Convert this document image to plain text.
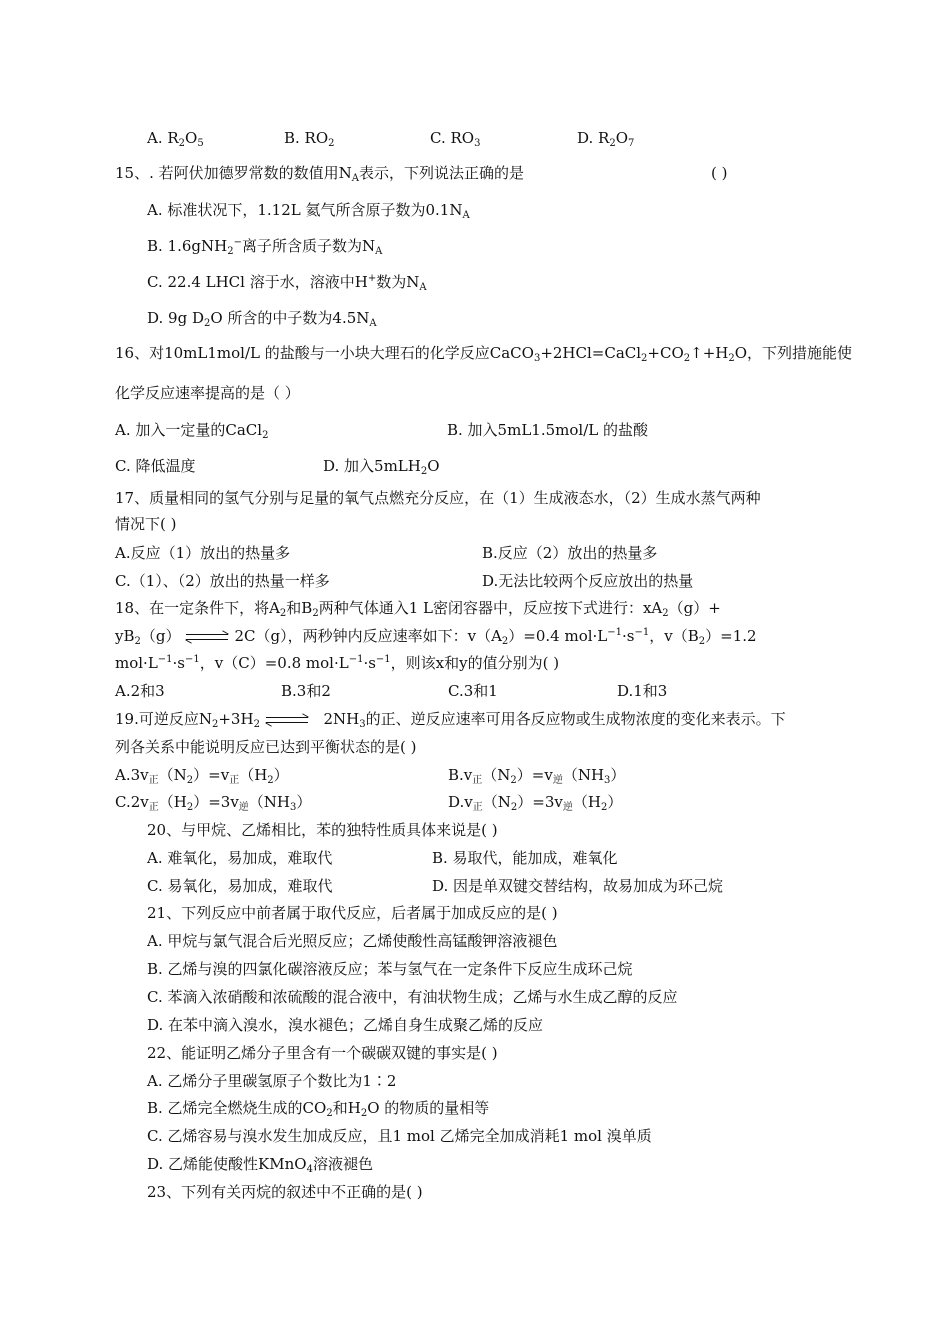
A. $R_2O_5$	B. $RO_2$	C. $RO_3$	D. $R_2O_7$
15、. 若阿伏加德罗常数的数值用$N_A$表示，下列说法正确的是	( )
A. 标准状况下，1.12L 氦气所含原子数为$0.1N_A$
B. 1.6gNH$_2$−离子所含质子数为$N_A$
C. 22.4 LHCl 溶于水，溶液中H+数为$N_A$
D. 9g $D_2O$ 所含的中子数为$4.5N_A$
16、对10mL1mol/L 的盐酸与一小块大理石的化学反应$CaCO_3+2HCl=CaCl_2+CO_2↑+H_2O$，下列措施能使
化学反应速率提高的是（ ）
A. 加入一定量的CaCl$_2$	B. 加入5mL1.5mol/L 的盐酸
C. 降低温度	D. 加入5mLH$_2$O
17、质量相同的氢气分别与足量的氧气点燃充分反应，在（1）生成液态水，（2）生成水蒸气两种
情况下( )
A.反应（1）放出的热量多	B.反应（2）放出的热量多
C.（1）、（2）放出的热量一样多	D.无法比较两个反应放出的热量
18、在一定条件下，将$A_2$和$B_2$两种气体通入1 L密闭容器中，反应按下式进行：$xA_2(g)+$
$yB_2(g)$ ⇌ 2C（g），两秒钟内反应速率如下：$v(A_2)=0.4$ $mol\cdot L^{-1}\cdot s^{-1}$，$v(B_2)=1.2$
$mol\cdot L^{-1}\cdot s^{-1}$，v（C）=0.8 $mol\cdot L^{-1}\cdot s^{-1}$，则该x和y的值分别为( )
A.2和3	B.3和2	C.3和1	D.1和3
19.可逆反应$N_2+3H_2$ ⇌ $2NH_3$的正、逆反应速率可用各反应物或生成物浓度的变化来表示。下
列各关系中能说明反应已达到平衡状态的是( )
$A.3v_正(N_2)=v_正(H_2)$	$B.v_正(N_2)=v_逆(NH_3)$
$C.2v_正(H_2)=3v_逆(NH_3)$	$D.v_正(N_2)=3v_逆(H_2)$
20、与甲烷、乙烯相比，苯的独特性质具体来说是( )
A. 难氧化，易加成，难取代	B. 易取代，能加成，难氧化
C. 易氧化，易加成，难取代	D. 因是单双键交替结构，故易加成为环己烷
21、下列反应中前者属于取代反应，后者属于加成反应的是( )
A. 甲烷与氯气混合后光照反应；乙烯使酸性高锰酸钾溶液褪色
B. 乙烯与溴的四氯化碳溶液反应；苯与氢气在一定条件下反应生成环己烷
C. 苯滴入浓硝酸和浓硫酸的混合液中，有油状物生成；乙烯与水生成乙醇的反应
D. 在苯中滴入溴水，溴水褪色；乙烯自身生成聚乙烯的反应
22、能证明乙烯分子里含有一个碳碳双键的事实是( )
A. 乙烯分子里碳氢原子个数比为1∶2
B. 乙烯完全燃烧生成的$CO_2$和$H_2O$ 的物质的量相等
C. 乙烯容易与溴水发生加成反应，且1 mol 乙烯完全加成消耗1 mol 溴单质
D. 乙烯能使酸性KMnO$_4$溶液褪色
23、下列有关丙烷的叙述中不正确的是( )
